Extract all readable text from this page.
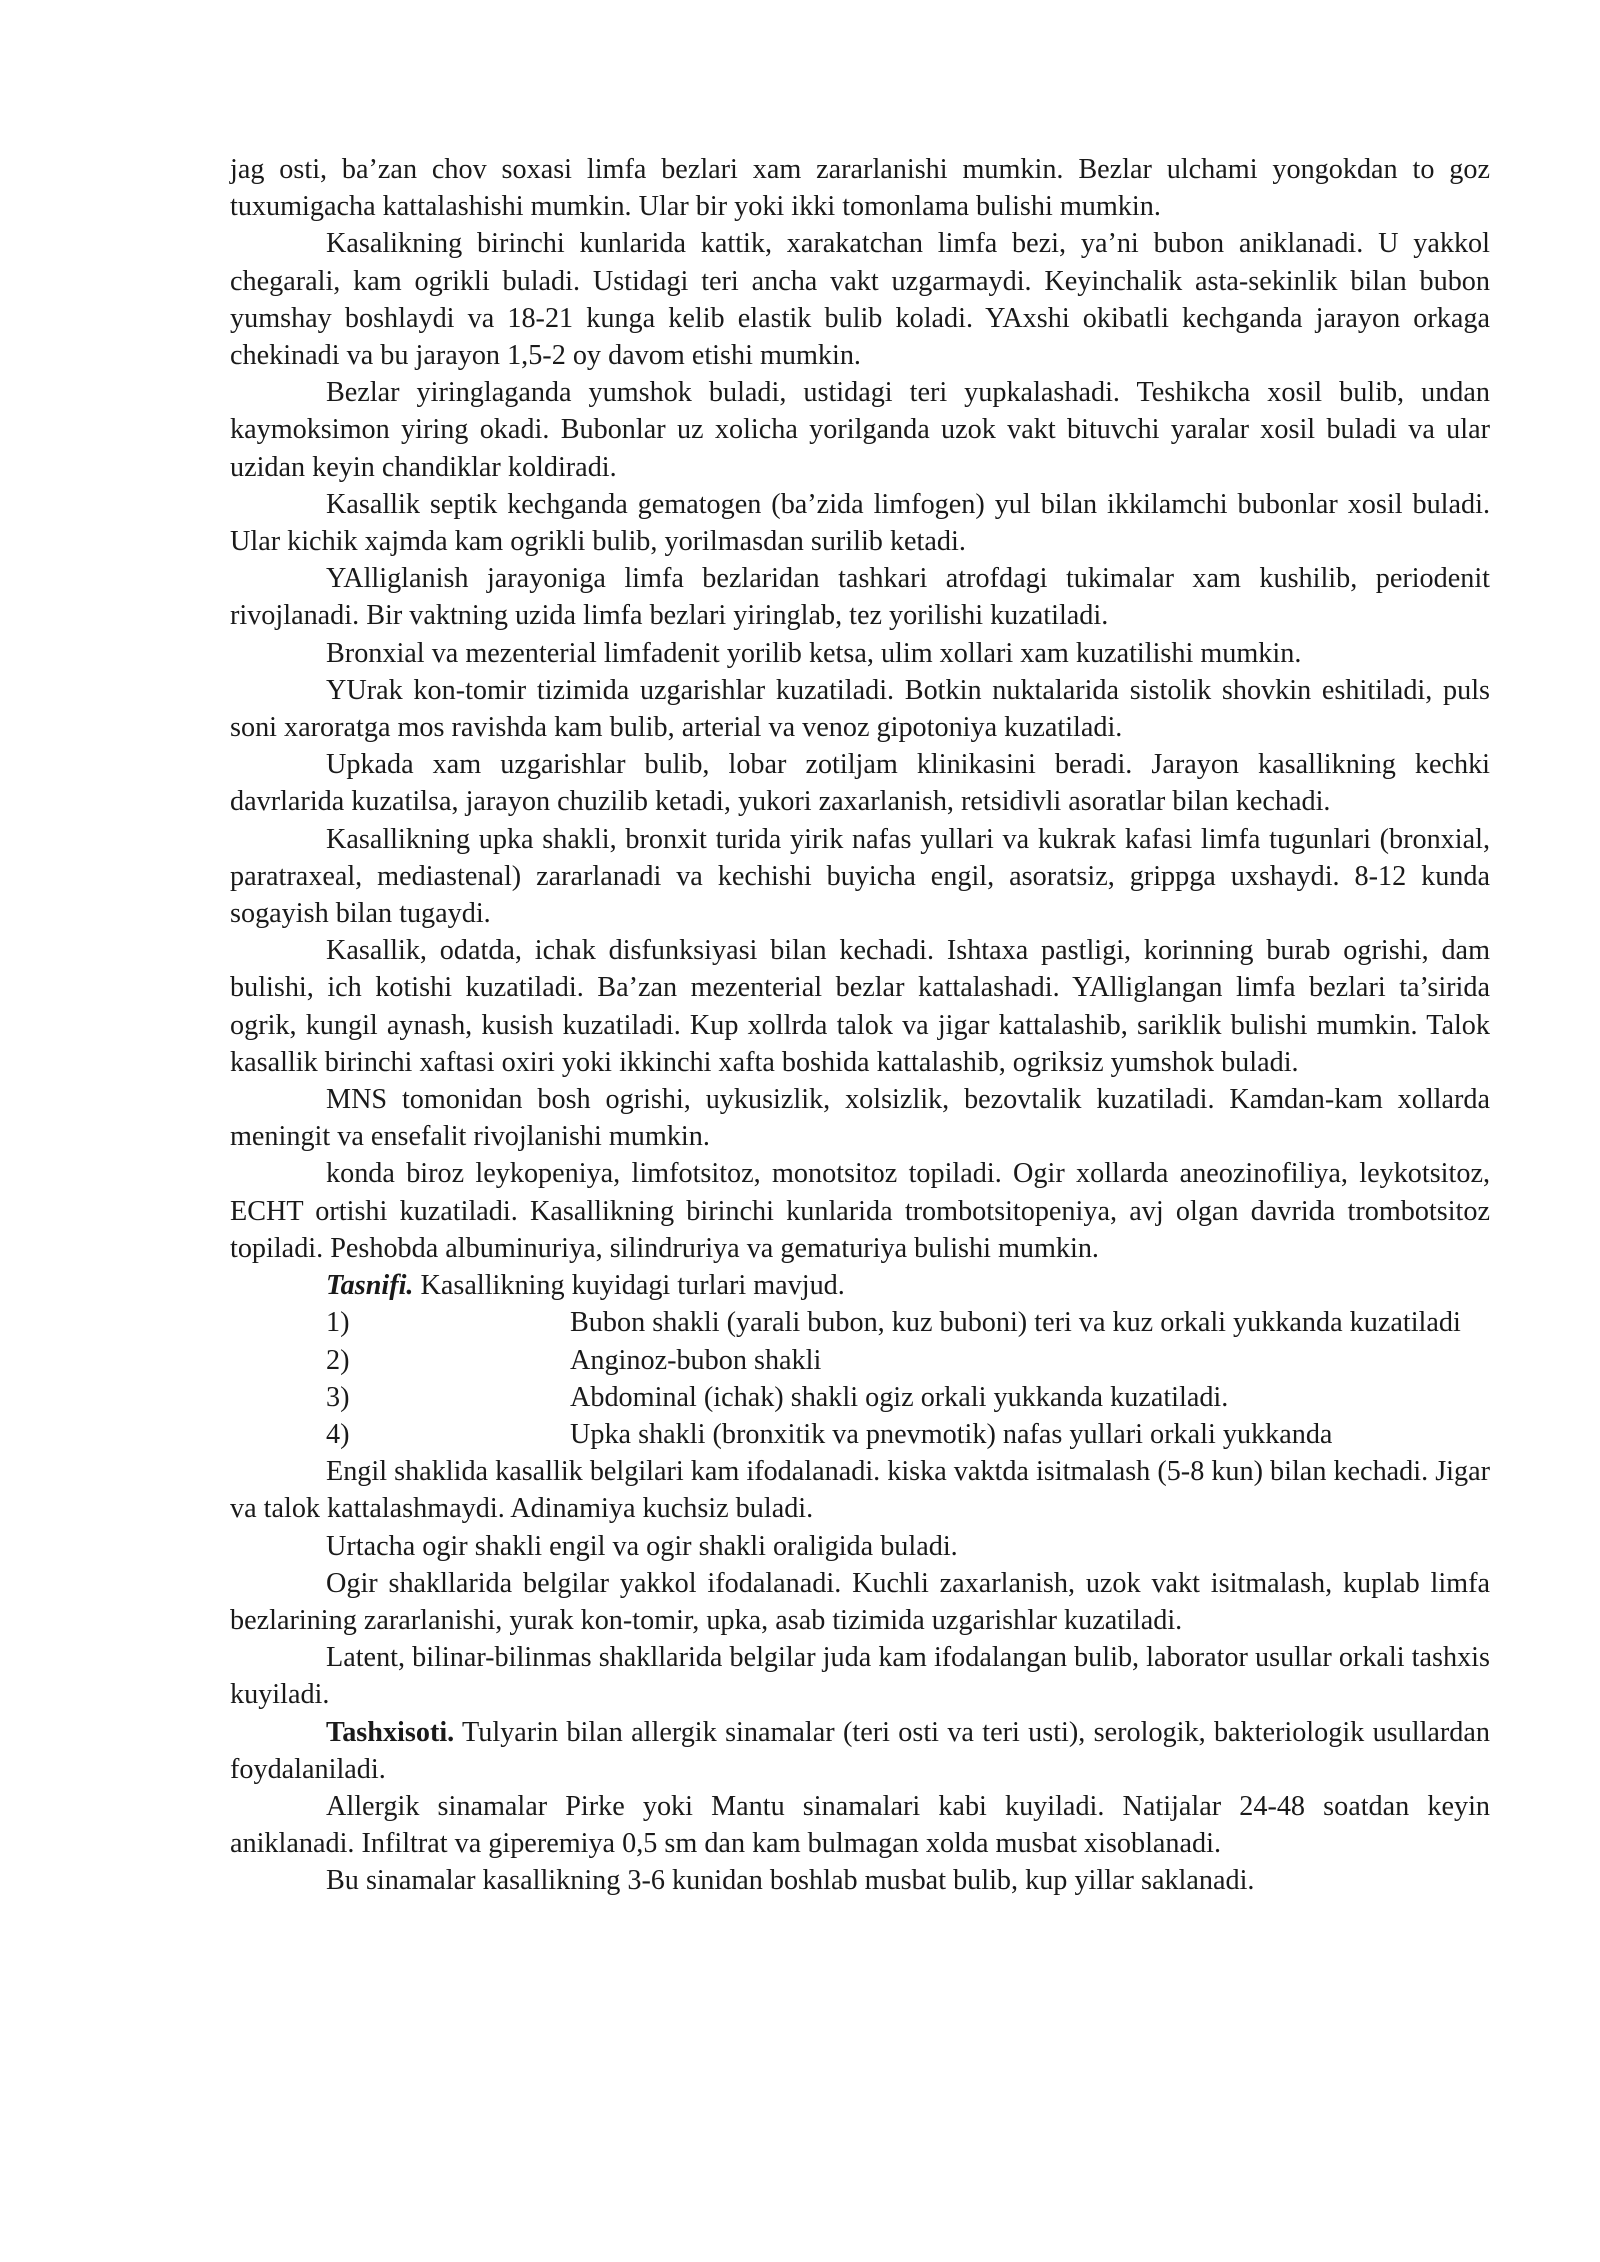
jag osti, ba’zan chov soxasi limfa bezlari xam zararlanishi mumkin. Bezlar ulchami yongokdan to goz tuxumigacha kattalashishi mumkin. Ular bir yoki ikki tomonlama bulishi mumkin.

Kasalikning birinchi kunlarida kattik, xarakatchan limfa bezi, ya’ni bubon aniklanadi. U yakkol chegarali, kam ogrikli buladi. Ustidagi teri ancha vakt uzgarmaydi. Keyinchalik asta-sekinlik bilan bubon yumshay boshlaydi va 18-21 kunga kelib elastik bulib koladi. YAxshi okibatli kechganda jarayon orkaga chekinadi va bu jarayon 1,5-2 oy davom etishi mumkin.

Bezlar yiringlaganda yumshok buladi, ustidagi teri yupkalashadi. Teshikcha xosil bulib, undan kaymoksimon yiring okadi. Bubonlar uz xolicha yorilganda uzok vakt bituvchi yaralar xosil buladi va ular uzidan keyin chandiklar koldiradi.

Kasallik septik kechganda gematogen (ba’zida limfogen) yul bilan ikkilamchi bubonlar xosil buladi. Ular kichik xajmda kam ogrikli bulib, yorilmasdan surilib ketadi.

YAlliglanish jarayoniga limfa bezlaridan tashkari atrofdagi tukimalar xam kushilib, periodenit rivojlanadi. Bir vaktning uzida limfa bezlari yiringlab, tez yorilishi kuzatiladi.

Bronxial va mezenterial limfadenit yorilib ketsa, ulim xollari xam kuzatilishi mumkin.

YUrak kon-tomir tizimida uzgarishlar kuzatiladi. Botkin nuktalarida sistolik shovkin eshitiladi, puls soni xaroratga mos ravishda kam bulib, arterial va venoz gipotoniya kuzatiladi.

Upkada xam uzgarishlar bulib, lobar zotiljam klinikasini beradi. Jarayon kasallikning kechki davrlarida kuzatilsa, jarayon chuzilib ketadi, yukori zaxarlanish, retsidivli asoratlar bilan kechadi.

Kasallikning upka shakli, bronxit turida yirik nafas yullari va kukrak kafasi limfa tugunlari (bronxial, paratraxeal, mediastenal) zararlanadi va kechishi buyicha engil, asoratsiz, grippga uxshaydi. 8-12 kunda sogayish bilan tugaydi.

Kasallik, odatda, ichak disfunksiyasi bilan kechadi. Ishtaxa pastligi, korinning burab ogrishi, dam bulishi, ich kotishi kuzatiladi. Ba’zan mezenterial bezlar kattalashadi. YAlliglangan limfa bezlari ta’sirida ogrik, kungil aynash, kusish kuzatiladi. Kup xollrda talok va jigar kattalashib, sariklik bulishi mumkin. Talok kasallik birinchi xaftasi oxiri yoki ikkinchi xafta boshida kattalashib, ogriksiz yumshok buladi.

MNS tomonidan bosh ogrishi, uykusizlik, xolsizlik, bezovtalik kuzatiladi. Kamdan-kam xollarda meningit va ensefalit rivojlanishi mumkin.

konda biroz leykopeniya, limfotsitoz, monotsitoz topiladi. Ogir xollarda aneozinofiliya, leykotsitoz, ECHT ortishi kuzatiladi. Kasallikning birinchi kunlarida trombotsitopeniya, avj olgan davrida trombotsitoz topiladi. Peshobda albuminuriya, silindruriya va gematuriya bulishi mumkin.

Tasnifi. Kasallikning kuyidagi turlari mavjud.

1)	Bubon shakli (yarali bubon, kuz buboni) teri va kuz orkali yukkanda kuzatiladi

2)	Anginoz-bubon shakli
3)	Abdominal (ichak) shakli ogiz orkali yukkanda kuzatiladi.
4)	Upka shakli (bronxitik va pnevmotik) nafas yullari orkali yukkanda

Engil shaklida kasallik belgilari kam ifodalanadi. kiska vaktda isitmalash (5-8 kun) bilan kechadi. Jigar va talok kattalashmaydi. Adinamiya kuchsiz buladi.

Urtacha ogir shakli engil va ogir shakli oraligida buladi.

Ogir shakllarida belgilar yakkol ifodalanadi. Kuchli zaxarlanish, uzok vakt isitmalash, kuplab limfa bezlarining zararlanishi, yurak kon-tomir, upka, asab tizimida uzgarishlar kuzatiladi.

Latent, bilinar-bilinmas shakllarida belgilar juda kam ifodalangan bulib, laborator usullar orkali tashxis kuyiladi.

Tashxisoti. Tulyarin bilan allergik sinamalar (teri osti va teri usti), serologik, bakteriologik usullardan foydalaniladi.

Allergik sinamalar Pirke yoki Mantu sinamalari kabi kuyiladi. Natijalar 24-48 soatdan keyin aniklanadi. Infiltrat va giperemiya 0,5 sm dan kam bulmagan xolda musbat xisoblanadi.

Bu sinamalar kasallikning 3-6 kunidan boshlab musbat bulib, kup yillar saklanadi.
